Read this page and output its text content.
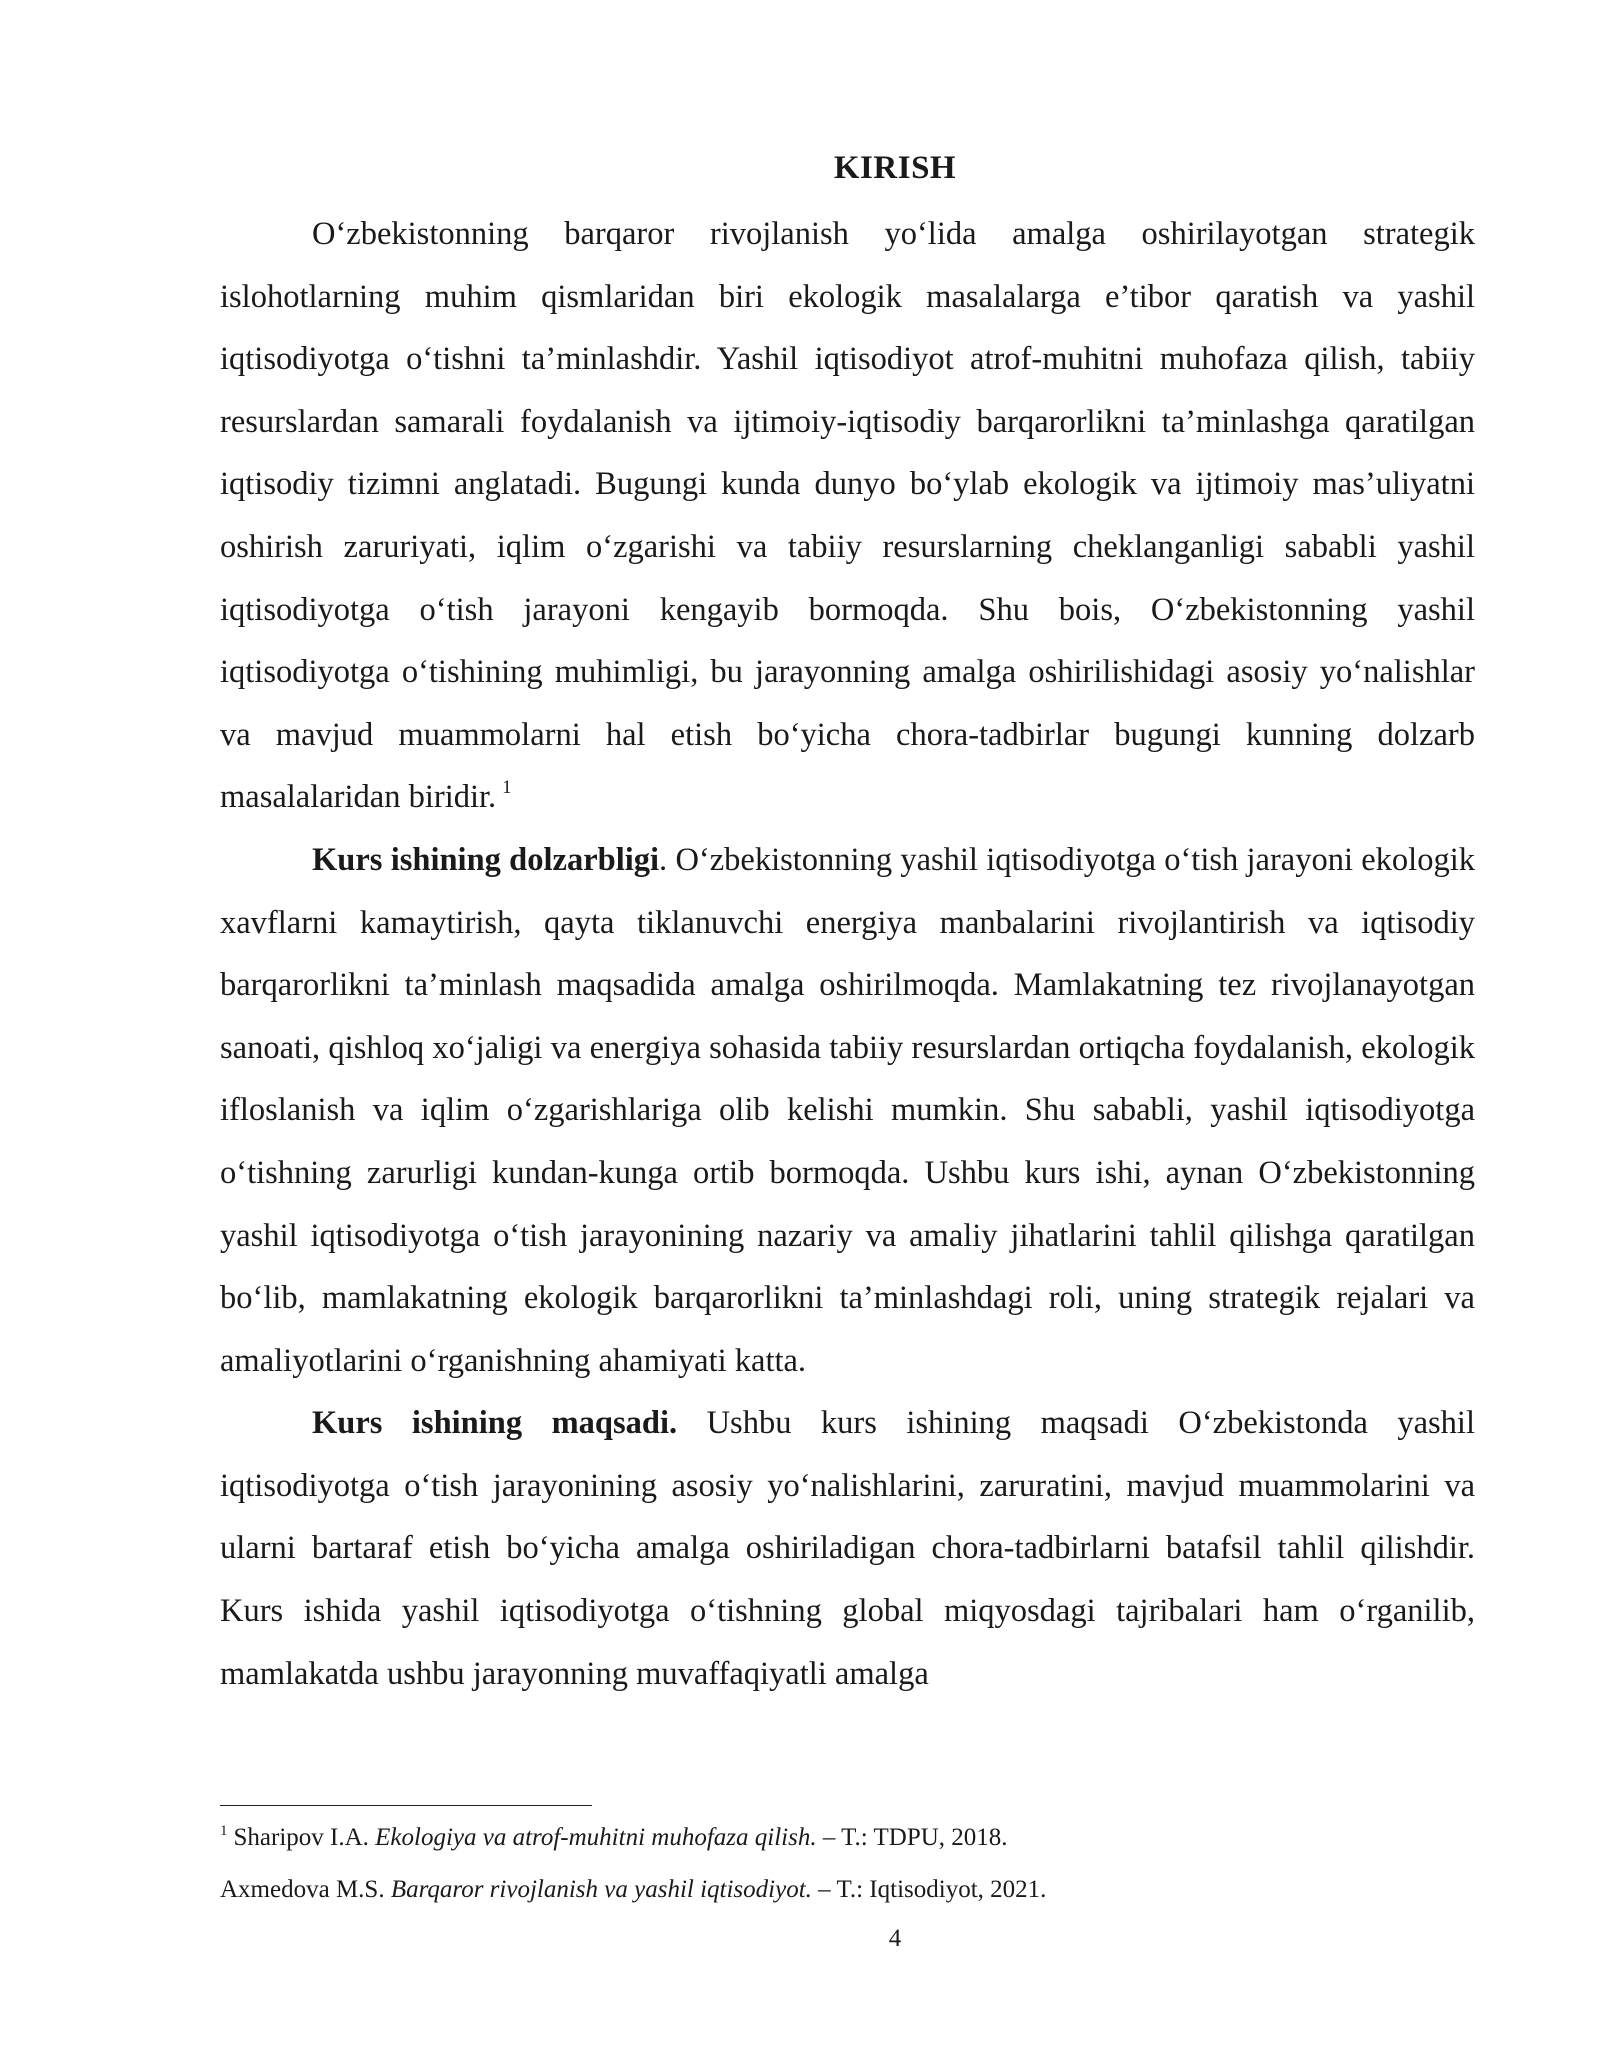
KIRISH

O‘zbekistonning barqaror rivojlanish yo‘lida amalga oshirilayotgan strategik islohotlarning muhim qismlaridan biri ekologik masalalarga e’tibor qaratish va yashil iqtisodiyotga o‘tishni ta’minlashdir. Yashil iqtisodiyot atrof-muhitni muhofaza qilish, tabiiy resurslardan samarali foydalanish va ijtimoiy-iqtisodiy barqarorlikni ta’minlashga qaratilgan iqtisodiy tizimni anglatadi. Bugungi kunda dunyo bo‘ylab ekologik va ijtimoiy mas’uliyatni oshirish zaruriyati, iqlim o‘zgarishi va tabiiy resurslarning cheklanganligi sababli yashil iqtisodiyotga o‘tish jarayoni kengayib bormoqda. Shu bois, O‘zbekistonning yashil iqtisodiyotga o‘tishining muhimligi, bu jarayonning amalga oshirilishidagi asosiy yo‘nalishlar va mavjud muammolarni hal etish bo‘yicha chora-tadbirlar bugungi kunning dolzarb masalalaridan biridir. $^1$

Kurs ishining dolzarbligi. O‘zbekistonning yashil iqtisodiyotga o‘tish jarayoni ekologik xavflarni kamaytirish, qayta tiklanuvchi energiya manbalarini rivojlantirish va iqtisodiy barqarorlikni ta’minlash maqsadida amalga oshirilmoqda. Mamlakatning tez rivojlanayotgan sanoati, qishloq xo‘jaligi va energiya sohasida tabiiy resurslardan ortiqcha foydalanish, ekologik ifloslanish va iqlim o‘zgarishlariga olib kelishi mumkin. Shu sababli, yashil iqtisodiyotga o‘tishning zarurligi kundan-kunga ortib bormoqda. Ushbu kurs ishi, aynan O‘zbekistonning yashil iqtisodiyotga o‘tish jarayonining nazariy va amaliy jihatlarini tahlil qilishga qaratilgan bo‘lib, mamlakatning ekologik barqarorlikni ta’minlashdagi roli, uning strategik rejalari va amaliyotlarini o‘rganishning ahamiyati katta.

Kurs ishining maqsadi. Ushbu kurs ishining maqsadi O‘zbekistonda yashil iqtisodiyotga o‘tish jarayonining asosiy yo‘nalishlarini, zaruratini, mavjud muammolarini va ularni bartaraf etish bo‘yicha amalga oshiriladigan chora-tadbirlarni batafsil tahlil qilishdir. Kurs ishida yashil iqtisodiyotga o‘tishning global miqyosdagi tajribalari ham o‘rganilib, mamlakatda ushbu jarayonning muvaffaqiyatli amalga

$^1$ Sharipov I.A. Ekologiya va atrof-muhitni muhofaza qilish. – T.: TDPU, 2018.

Axmedova M.S. Barqaror rivojlanish va yashil iqtisodiyot. – T.: Iqtisodiyot, 2021.

4
